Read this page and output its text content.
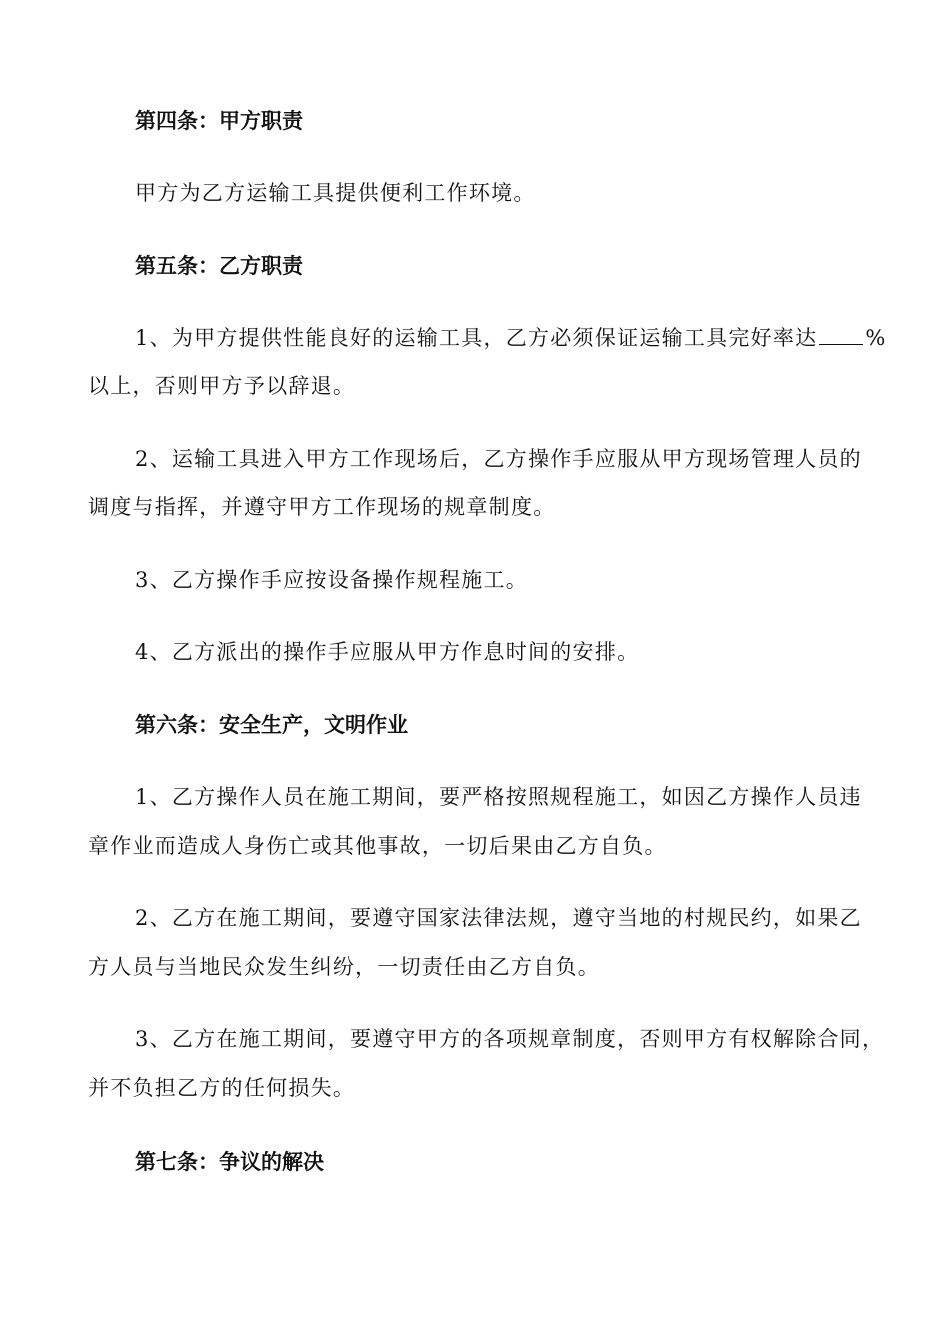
第四条：甲方职责
甲方为乙方运输工具提供便利工作环境。
第五条：乙方职责
1、为甲方提供性能良好的运输工具，乙方必须保证运输工具完好率达 %
以上，否则甲方予以辞退。
2、运输工具进入甲方工作现场后，乙方操作手应服从甲方现场管理人员的
调度与指挥，并遵守甲方工作现场的规章制度。
3、乙方操作手应按设备操作规程施工。
4、乙方派出的操作手应服从甲方作息时间的安排。
第六条：安全生产，文明作业
1、乙方操作人员在施工期间，要严格按照规程施工，如因乙方操作人员违
章作业而造成人身伤亡或其他事故，一切后果由乙方自负。
2、乙方在施工期间，要遵守国家法律法规，遵守当地的村规民约，如果乙
方人员与当地民众发生纠纷，一切责任由乙方自负。
3、乙方在施工期间，要遵守甲方的各项规章制度，否则甲方有权解除合同，
并不负担乙方的任何损失。
第七条：争议的解决
